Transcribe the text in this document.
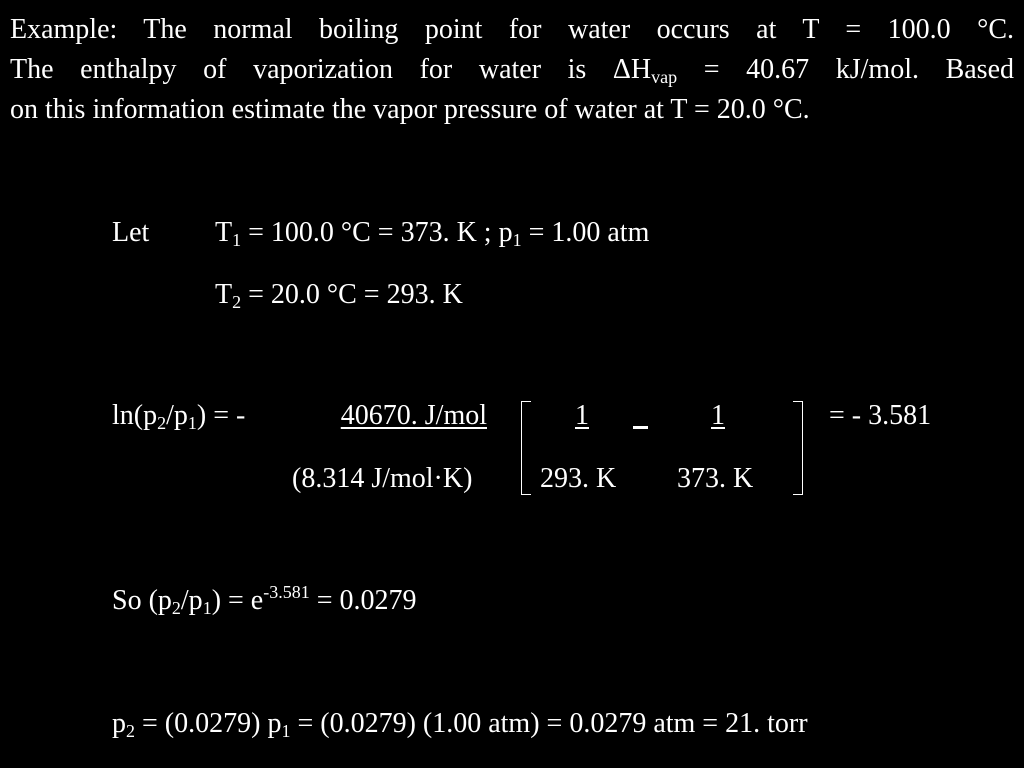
Example: The normal boiling point for water occurs at T = 100.0 °C.
The enthalpy of vaporization for water is $\Delta H_{vap} = 40.67$ kJ/mol. Based
on this information estimate the vapor pressure of water at T = 20.0 °C.
Let $T_1 = 100.0$ °C = 373. K ; $p_1 = 1.00$ atm
$T_2 = 20.0$ °C = 293. K
$\ln(p_2/p_1)$ = -	40670. J/mol
(8.314 J/mol·K)
1
293. K
1
373. K
= - 3.581
So $(p_2/p_1) = e^{-3.581} = 0.0279$
$p_2 = (0.0279) p_1 = (0.0279)$ (1.00 atm) = 0.0279 atm = 21. torr
